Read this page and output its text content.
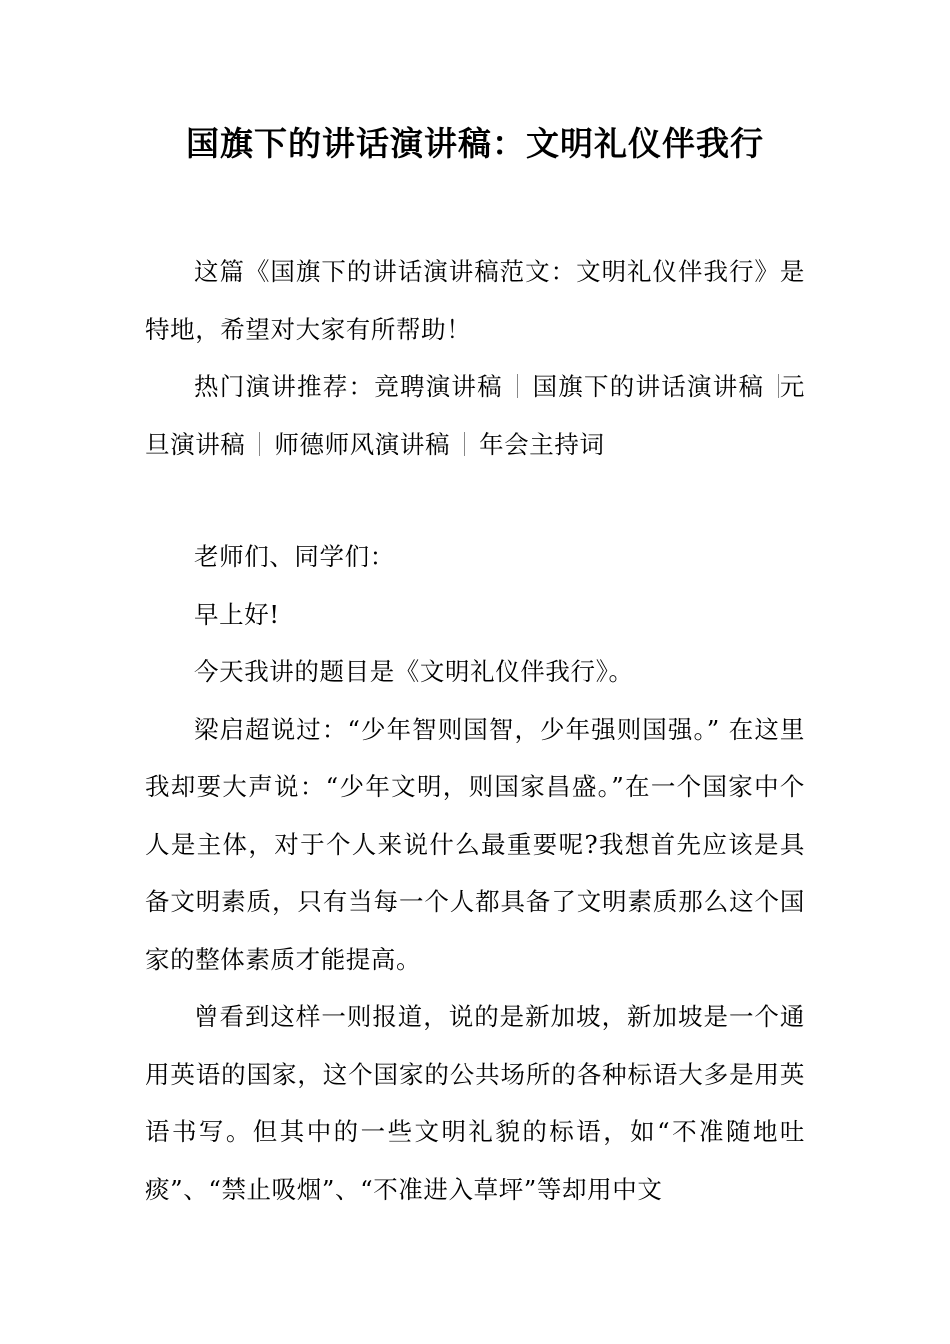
国旗下的讲话演讲稿：文明礼仪伴我行

这篇《国旗下的讲话演讲稿范文：文明礼仪伴我行》是特地，希望对大家有所帮助！

热门演讲推荐：竞聘演讲稿 国旗下的讲话演讲稿 元旦演讲稿 师德师风演讲稿 年会主持词

老师们、同学们：

早上好!

今天我讲的题目是《文明礼仪伴我行》。

梁启超说过：“少年智则国智，少年强则国强。” 在这里我却要大声说：“少年文明，则国家昌盛。”在一个国家中个人是主体，对于个人来说什么最重要呢?我想首先应该是具备文明素质，只有当每一个人都具备了文明素质那么这个国家的整体素质才能提高。

曾看到这样一则报道，说的是新加坡，新加坡是一个通用英语的国家，这个国家的公共场所的各种标语大多是用英语书写。但其中的一些文明礼貌的标语，如“不准随地吐痰”、“禁止吸烟”、“不准进入草坪”等却用中文
